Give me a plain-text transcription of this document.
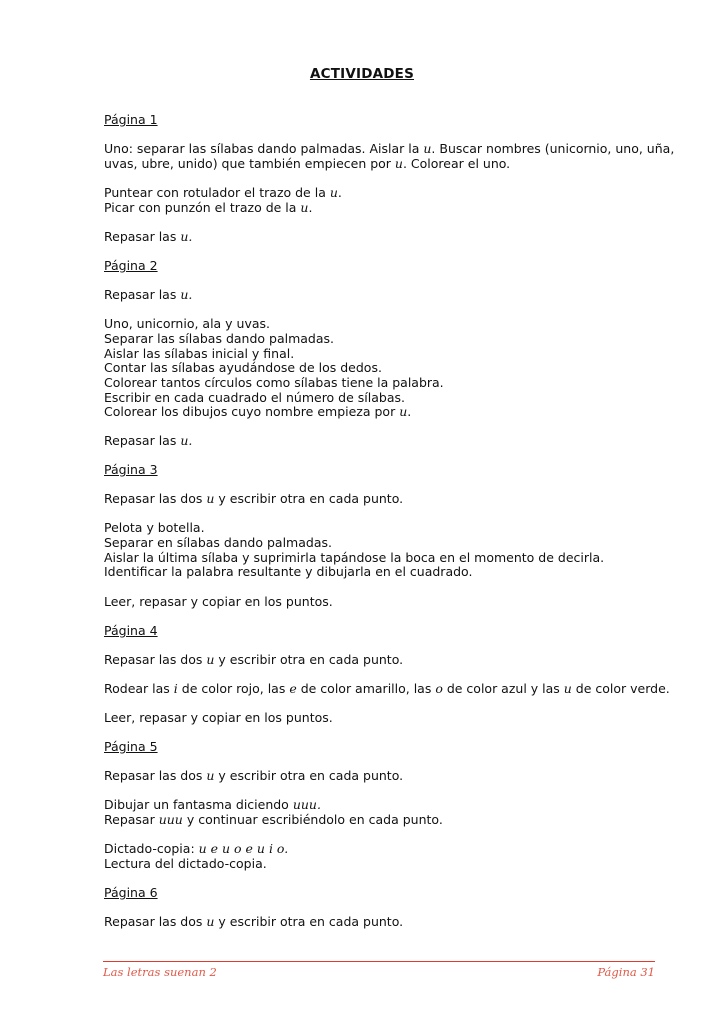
ACTIVIDADES
Página 1
Uno: separar las sílabas dando palmadas. Aislar la u. Buscar nombres (unicornio, uno, uña,
uvas, ubre, unido) que también empiecen por u. Colorear el uno.
Puntear con rotulador el trazo de la u.
Picar con punzón el trazo de la u.
Repasar las u.
Página 2
Repasar las u.
Uno, unicornio, ala y uvas.
Separar las sílabas dando palmadas.
Aislar las sílabas inicial y final.
Contar las sílabas ayudándose de los dedos.
Colorear tantos círculos como sílabas tiene la palabra.
Escribir en cada cuadrado el número de sílabas.
Colorear los dibujos cuyo nombre empieza por u.
Repasar las u.
Página 3
Repasar las dos u y escribir otra en cada punto.
Pelota y botella.
Separar en sílabas dando palmadas.
Aislar la última sílaba y suprimirla tapándose la boca en el momento de decirla.
Identificar la palabra resultante y dibujarla en el cuadrado.
Leer, repasar y copiar en los puntos.
Página 4
Repasar las dos u y escribir otra en cada punto.
Rodear las i de color rojo, las e de color amarillo, las o de color azul y las u de color verde.
Leer, repasar y copiar en los puntos.
Página 5
Repasar las dos u y escribir otra en cada punto.
Dibujar un fantasma diciendo uuu.
Repasar uuu y continuar escribiéndolo en cada punto.
Dictado-copia: u e u o e u i o.
Lectura del dictado-copia.
Página 6
Repasar las dos u y escribir otra en cada punto.
Las letras suenan 2	Página 31
